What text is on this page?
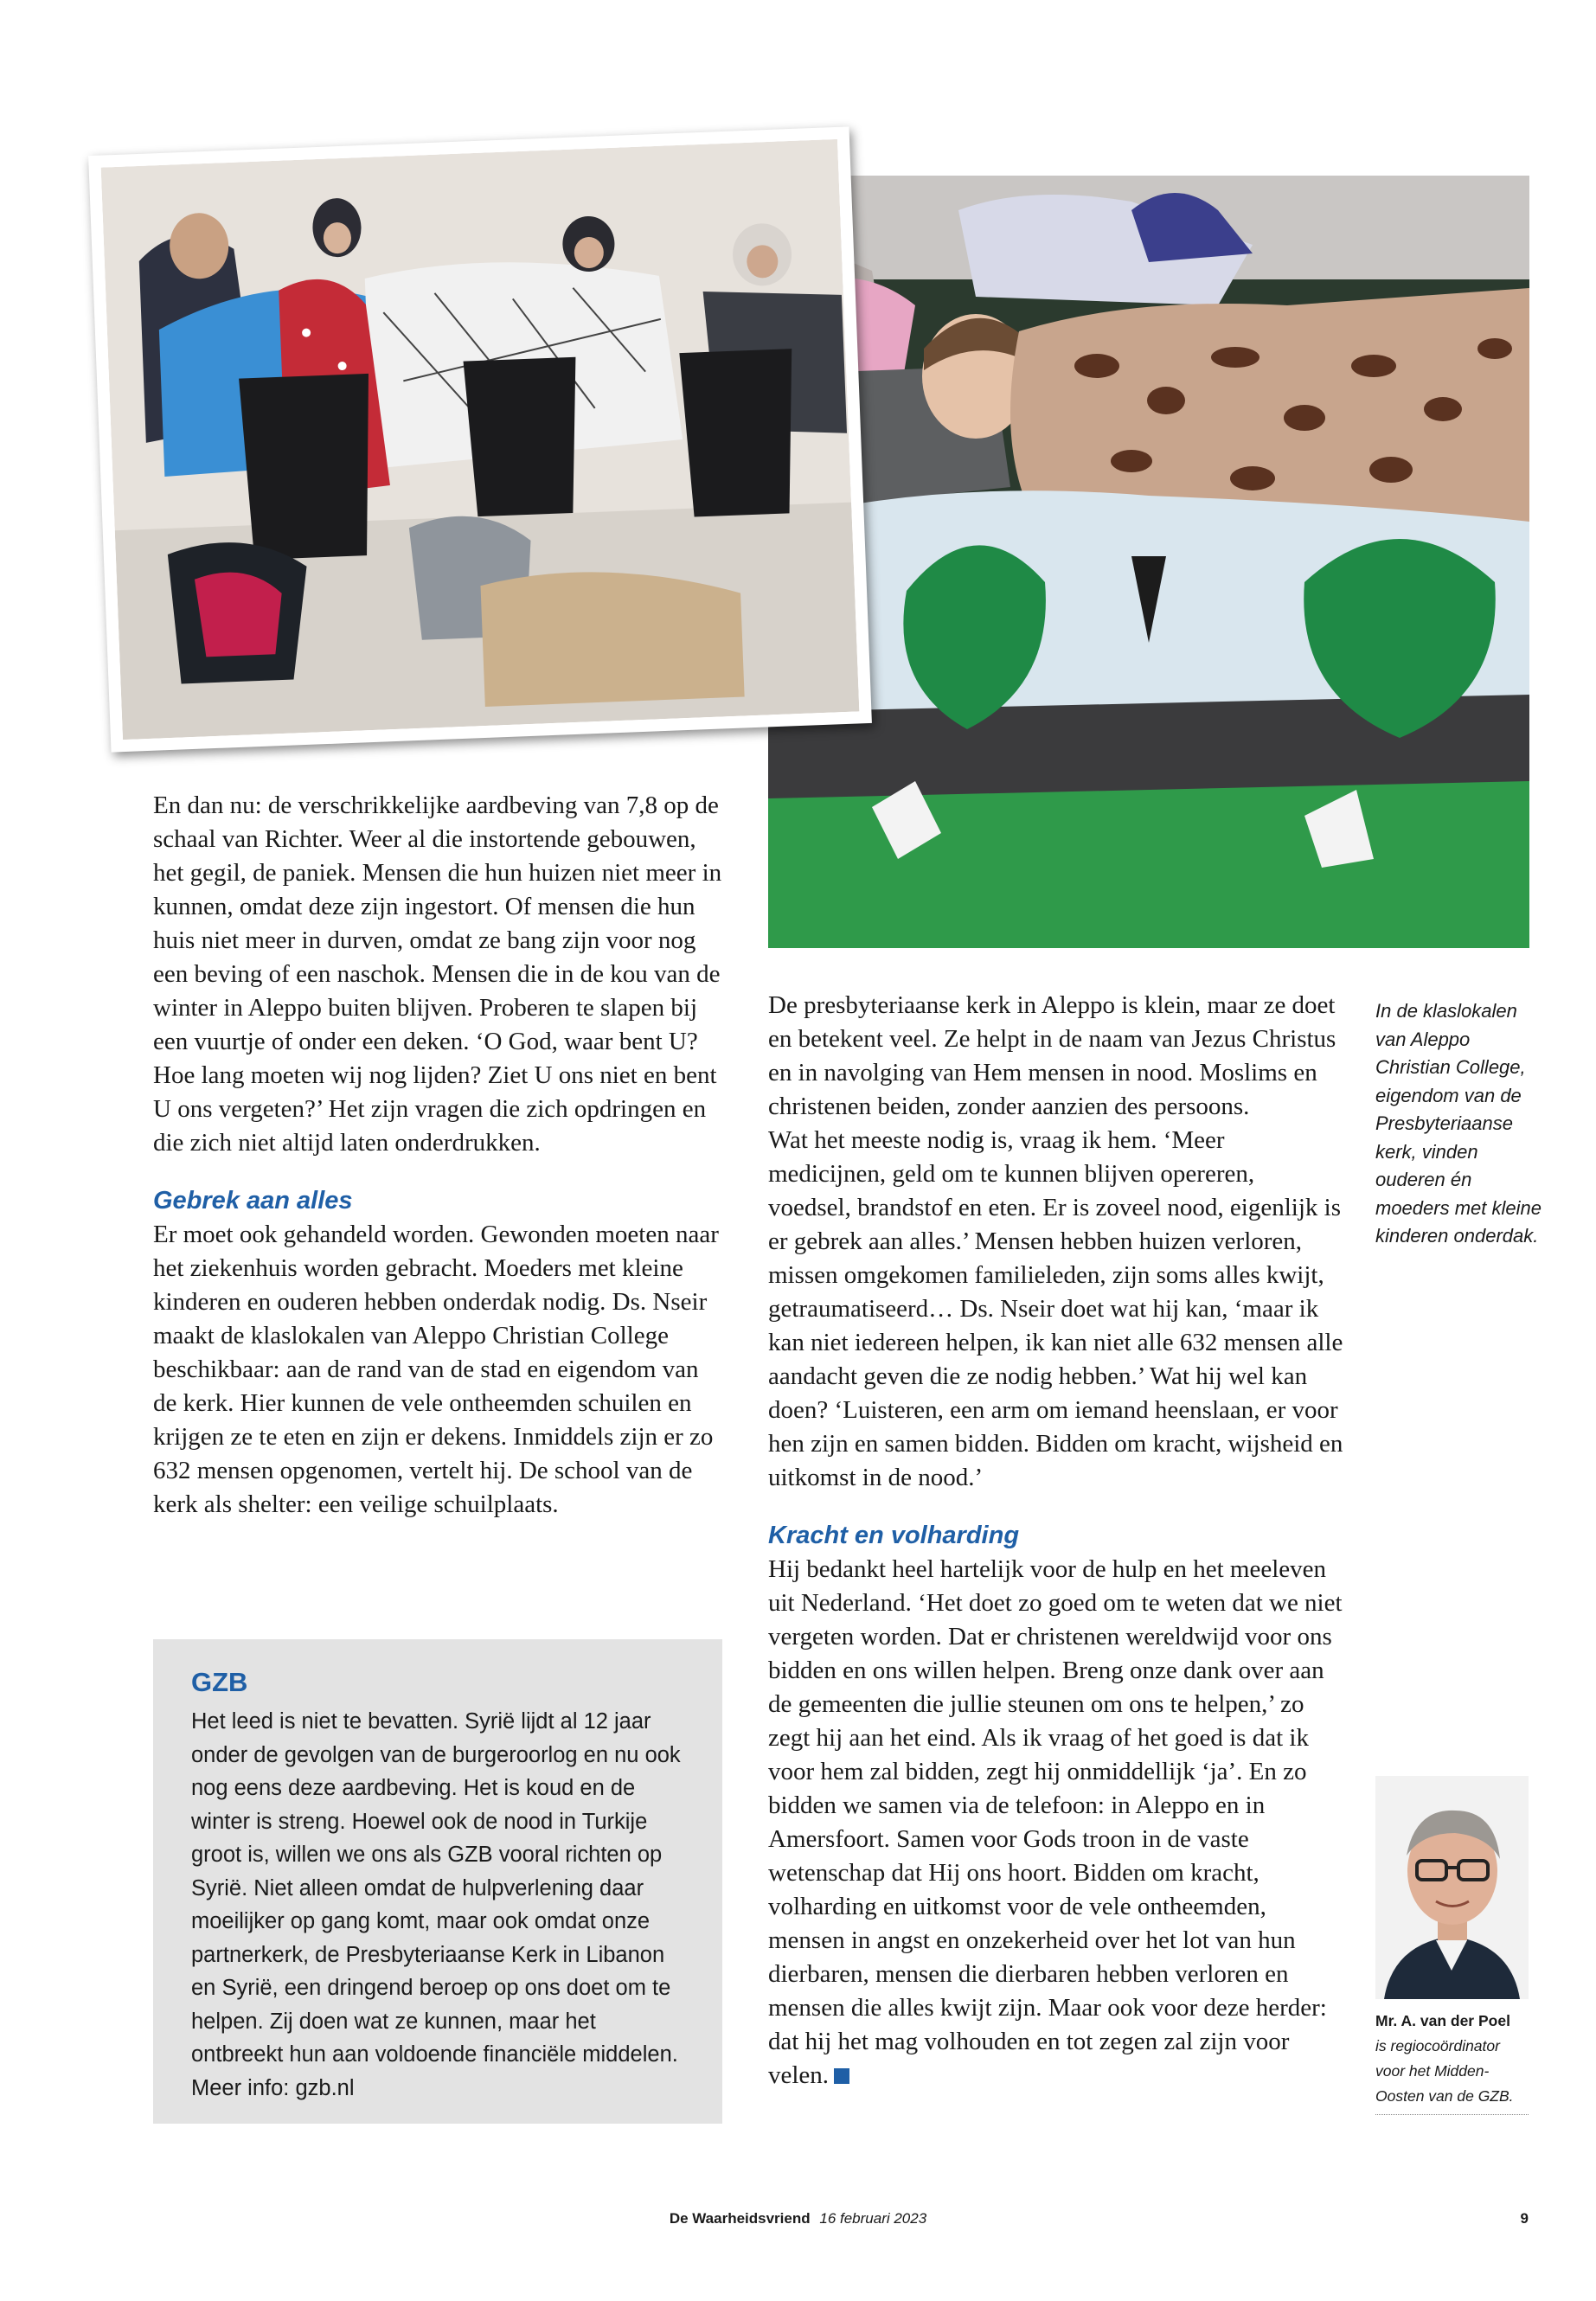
En dan nu: de verschrikkelijke aardbeving van 7,8 op de schaal van Richter. Weer al die instortende gebouwen, het gegil, de paniek. Mensen die hun huizen niet meer in kunnen, omdat deze zijn ingestort. Of mensen die hun huis niet meer in durven, omdat ze bang zijn voor nog een beving of een naschok. Mensen die in de kou van de winter in Aleppo buiten blijven. Proberen te slapen bij een vuurtje of onder een deken. ‘O God, waar bent U? Hoe lang moeten wij nog lijden? Ziet U ons niet en bent U ons vergeten?’ Het zijn vragen die zich opdringen en die zich niet altijd laten onderdrukken.

Gebrek aan alles

Er moet ook gehandeld worden. Gewonden moeten naar het ziekenhuis worden gebracht. Moeders met kleine kinderen en ouderen hebben onderdak nodig. Ds. Nseir maakt de klaslokalen van Aleppo Christian College beschikbaar: aan de rand van de stad en eigendom van de kerk. Hier kunnen de vele ontheemden schuilen en krijgen ze te eten en zijn er dekens. Inmiddels zijn er zo 632 mensen opgenomen, vertelt hij. De school van de kerk als shelter: een veilige schuilplaats.

GZB

Het leed is niet te bevatten. Syrië lijdt al 12 jaar onder de gevolgen van de burgeroorlog en nu ook nog eens deze aardbeving. Het is koud en de winter is streng. Hoewel ook de nood in Turkije groot is, willen we ons als GZB vooral richten op Syrië. Niet alleen omdat de hulpverlening daar moeilijker op gang komt, maar ook omdat onze partnerkerk, de Presbyteriaanse Kerk in Libanon en Syrië, een dringend beroep op ons doet om te helpen. Zij doen wat ze kunnen, maar het ontbreekt hun aan voldoende financiële middelen. Meer info: gzb.nl

De presbyteriaanse kerk in Aleppo is klein, maar ze doet en betekent veel. Ze helpt in de naam van Jezus Christus en in navolging van Hem mensen in nood. Moslims en christenen beiden, zonder aanzien des persoons.

Wat het meeste nodig is, vraag ik hem. ‘Meer medicijnen, geld om te kunnen blijven opereren, voedsel, brandstof en eten. Er is zoveel nood, eigenlijk is er gebrek aan alles.’ Mensen hebben huizen verloren, missen omgekomen familieleden, zijn soms alles kwijt, getraumatiseerd… Ds. Nseir doet wat hij kan, ‘maar ik kan niet iedereen helpen, ik kan niet alle 632 mensen alle aandacht geven die ze nodig hebben.’ Wat hij wel kan doen? ‘Luisteren, een arm om iemand heenslaan, er voor hen zijn en samen bidden. Bidden om kracht, wijsheid en uitkomst in de nood.’

Kracht en volharding

Hij bedankt heel hartelijk voor de hulp en het meeleven uit Nederland. ‘Het doet zo goed om te weten dat we niet vergeten worden. Dat er christenen wereldwijd voor ons bidden en ons willen helpen. Breng onze dank over aan de gemeenten die jullie steunen om ons te helpen,’ zo zegt hij aan het eind. Als ik vraag of het goed is dat ik voor hem zal bidden, zegt hij onmiddellijk ‘ja’. En zo bidden we samen via de telefoon: in Aleppo en in Amersfoort. Samen voor Gods troon in de vaste wetenschap dat Hij ons hoort. Bidden om kracht, volharding en uitkomst voor de vele ontheemden, mensen in angst en onzekerheid over het lot van hun dierbaren, mensen die dierbaren hebben verloren en mensen die alles kwijt zijn. Maar ook voor deze herder: dat hij het mag volhouden en tot zegen zal zijn voor velen.

In de klaslokalen van Aleppo Christian College, eigendom van de Presbyteriaanse kerk, vinden ouderen én moeders met kleine kinderen onderdak.
Mr. A. van der Poel
is regiocoördinator voor het Midden-Oosten van de GZB.
De Waarheidsvriend 16 februari 2023	9
